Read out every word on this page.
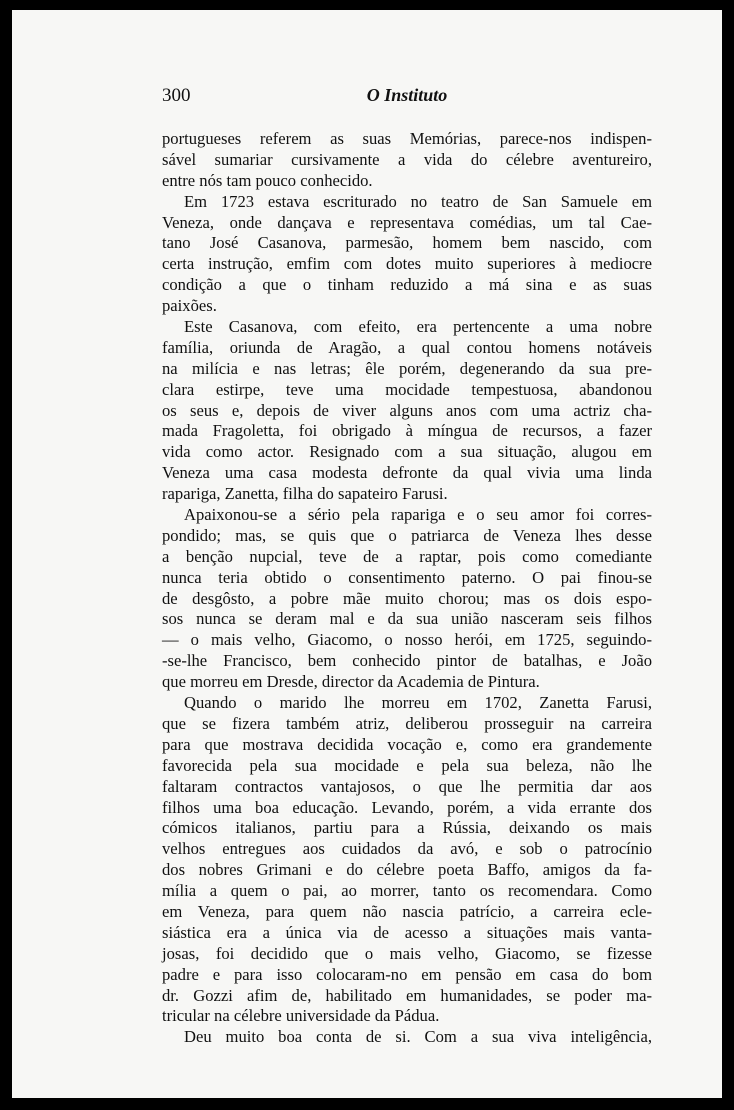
300	O Instituto
portugueses referem as suas Memórias, parece-nos indispen-
sável sumariar cursivamente a vida do célebre aventureiro,
entre nós tam pouco conhecido.
Em 1723 estava escriturado no teatro de San Samuele em
Veneza, onde dançava e representava comédias, um tal Cae-
tano José Casanova, parmesão, homem bem nascido, com
certa instrução, emfim com dotes muito superiores à mediocre
condição a que o tinham reduzido a má sina e as suas
paixões.
Este Casanova, com efeito, era pertencente a uma nobre
família, oriunda de Aragão, a qual contou homens notáveis
na milícia e nas letras; êle porém, degenerando da sua pre-
clara estirpe, teve uma mocidade tempestuosa, abandonou
os seus e, depois de viver alguns anos com uma actriz cha-
mada Fragoletta, foi obrigado à míngua de recursos, a fazer
vida como actor. Resignado com a sua situação, alugou em
Veneza uma casa modesta defronte da qual vivia uma linda
rapariga, Zanetta, filha do sapateiro Farusi.
Apaixonou-se a sério pela rapariga e o seu amor foi corres-
pondido; mas, se quis que o patriarca de Veneza lhes desse
a benção nupcial, teve de a raptar, pois como comediante
nunca teria obtido o consentimento paterno. O pai finou-se
de desgôsto, a pobre mãe muito chorou; mas os dois espo-
sos nunca se deram mal e da sua união nasceram seis filhos
— o mais velho, Giacomo, o nosso herói, em 1725, seguindo-
-se-lhe Francisco, bem conhecido pintor de batalhas, e João
que morreu em Dresde, director da Academia de Pintura.
Quando o marido lhe morreu em 1702, Zanetta Farusi,
que se fizera também atriz, deliberou prosseguir na carreira
para que mostrava decidida vocação e, como era grandemente
favorecida pela sua mocidade e pela sua beleza, não lhe
faltaram contractos vantajosos, o que lhe permitia dar aos
filhos uma boa educação. Levando, porém, a vida errante dos
cómicos italianos, partiu para a Rússia, deixando os mais
velhos entregues aos cuidados da avó, e sob o patrocínio
dos nobres Grimani e do célebre poeta Baffo, amigos da fa-
mília a quem o pai, ao morrer, tanto os recomendara. Como
em Veneza, para quem não nascia patrício, a carreira ecle-
siástica era a única via de acesso a situações mais vanta-
josas, foi decidido que o mais velho, Giacomo, se fizesse
padre e para isso colocaram-no em pensão em casa do bom
dr. Gozzi afim de, habilitado em humanidades, se poder ma-
tricular na célebre universidade da Pádua.
Deu muito boa conta de si. Com a sua viva inteligência,
